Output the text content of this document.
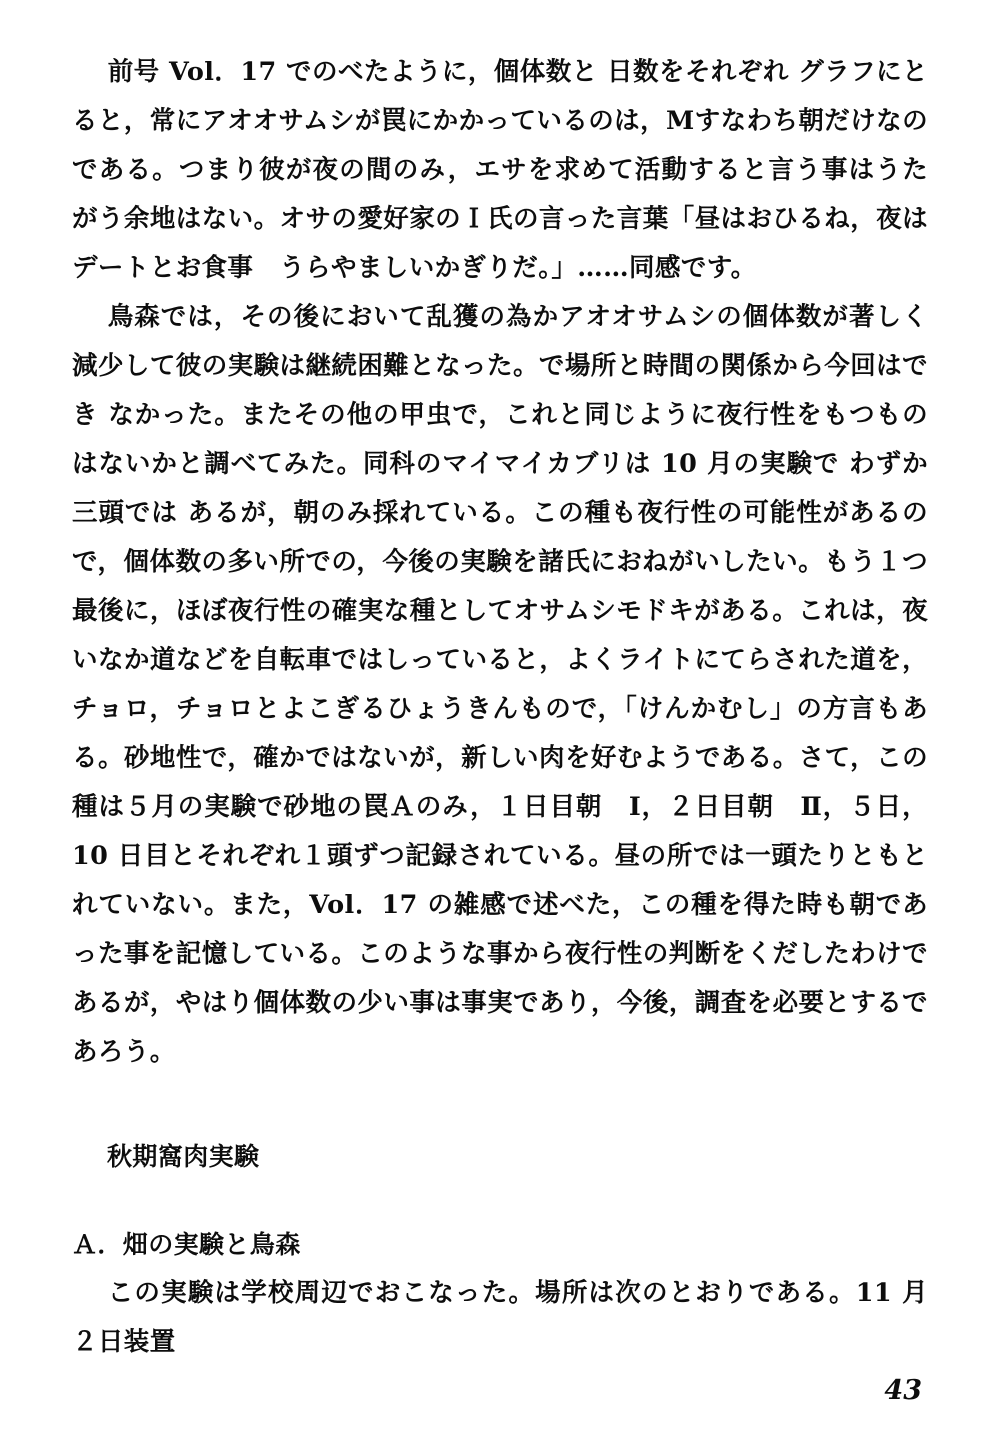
前号 Vol．17 でのべたように，個体数と 日数をそれぞれ グラフにとると，常にアオオサムシが罠にかかっているのは，Mすなわち朝だけなのである。つまり彼が夜の間のみ，エサを求めて活動すると言う事はうたがう余地はない。オサの愛好家のＩ氏の言った言葉「昼はおひるね，夜はデートとお食事　うらやましいかぎりだ。」……同感です。

鳥森では，その後において乱獲の為かアオオサムシの個体数が著しく減少して彼の実験は継続困難となった。で場所と時間の関係から今回はでき なかった。またその他の甲虫で，これと同じように夜行性をもつものはないかと調べてみた。同科のマイマイカブリは 10 月の実験で わずか三頭では あるが，朝のみ採れている。この種も夜行性の可能性があるので，個体数の多い所での，今後の実験を諸氏におねがいしたい。もう１つ最後に，ほぼ夜行性の確実な種としてオサムシモドキがある。これは，夜いなか道などを自転車ではしっていると，よくライトにてらされた道を，チョロ，チョロとよこぎるひょうきんもので，「けんかむし」の方言もある。砂地性で，確かではないが，新しい肉を好むようである。さて，この種は５月の実験で砂地の罠Ａのみ，１日目朝　Ⅰ，２日目朝　Ⅱ，５日，10 日目とそれぞれ１頭ずつ記録されている。昼の所では一頭たりともとれていない。また，Vol．17 の雑感で述べた，この種を得た時も朝であった事を記憶している。このような事から夜行性の判断をくだしたわけであるが，やはり個体数の少い事は事実であり，今後，調査を必要とするであろう。

秋期窩肉実験
Ａ．畑の実験と鳥森

この実験は学校周辺でおこなった。場所は次のとおりである。11 月２日装置

43
